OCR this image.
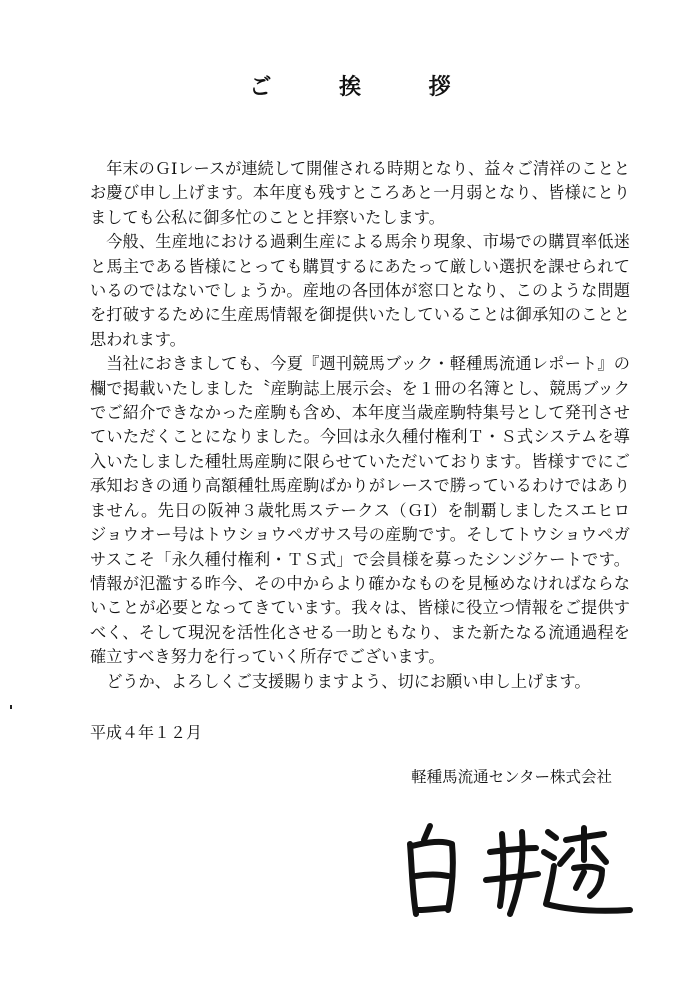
ご 挨 拶

年末のＧⅠレースが連続して開催される時期となり、益々ご清祥のこととお慶び申し上げます。本年度も残すところあと一月弱となり、皆様にとりましても公私に御多忙のことと拝察いたします。

今般、生産地における過剰生産による馬余り現象、市場での購買率低迷と馬主である皆様にとっても購買するにあたって厳しい選択を課せられているのではないでしょうか。産地の各団体が窓口となり、このような問題を打破するために生産馬情報を御提供いたしていることは御承知のことと思われます。

当社におきましても、今夏『週刊競馬ブック・軽種馬流通レポート』の欄で掲載いたしました〝産駒誌上展示会〟を１冊の名簿とし、競馬ブックでご紹介できなかった産駒も含め、本年度当歳産駒特集号として発刊させていただくことになりました。今回は永久種付権利Ｔ・Ｓ式システムを導入いたしました種牡馬産駒に限らせていただいております。皆様すでにご承知おきの通り高額種牡馬産駒ばかりがレースで勝っているわけではありません。先日の阪神３歳牝馬ステークス（ＧⅠ）を制覇しましたスエヒロジョウオー号はトウショウペガサス号の産駒です。そしてトウショウペガサスこそ「永久種付権利・ＴＳ式」で会員様を募ったシンジケートです。情報が氾濫する昨今、その中からより確かなものを見極めなければならないことが必要となってきています。我々は、皆様に役立つ情報をご提供すべく、そして現況を活性化させる一助ともなり、また新たなる流通過程を確立すべき努力を行っていく所存でございます。

どうか、よろしくご支援賜りますよう、切にお願い申し上げます。

平成４年１２月
軽種馬流通センター株式会社
